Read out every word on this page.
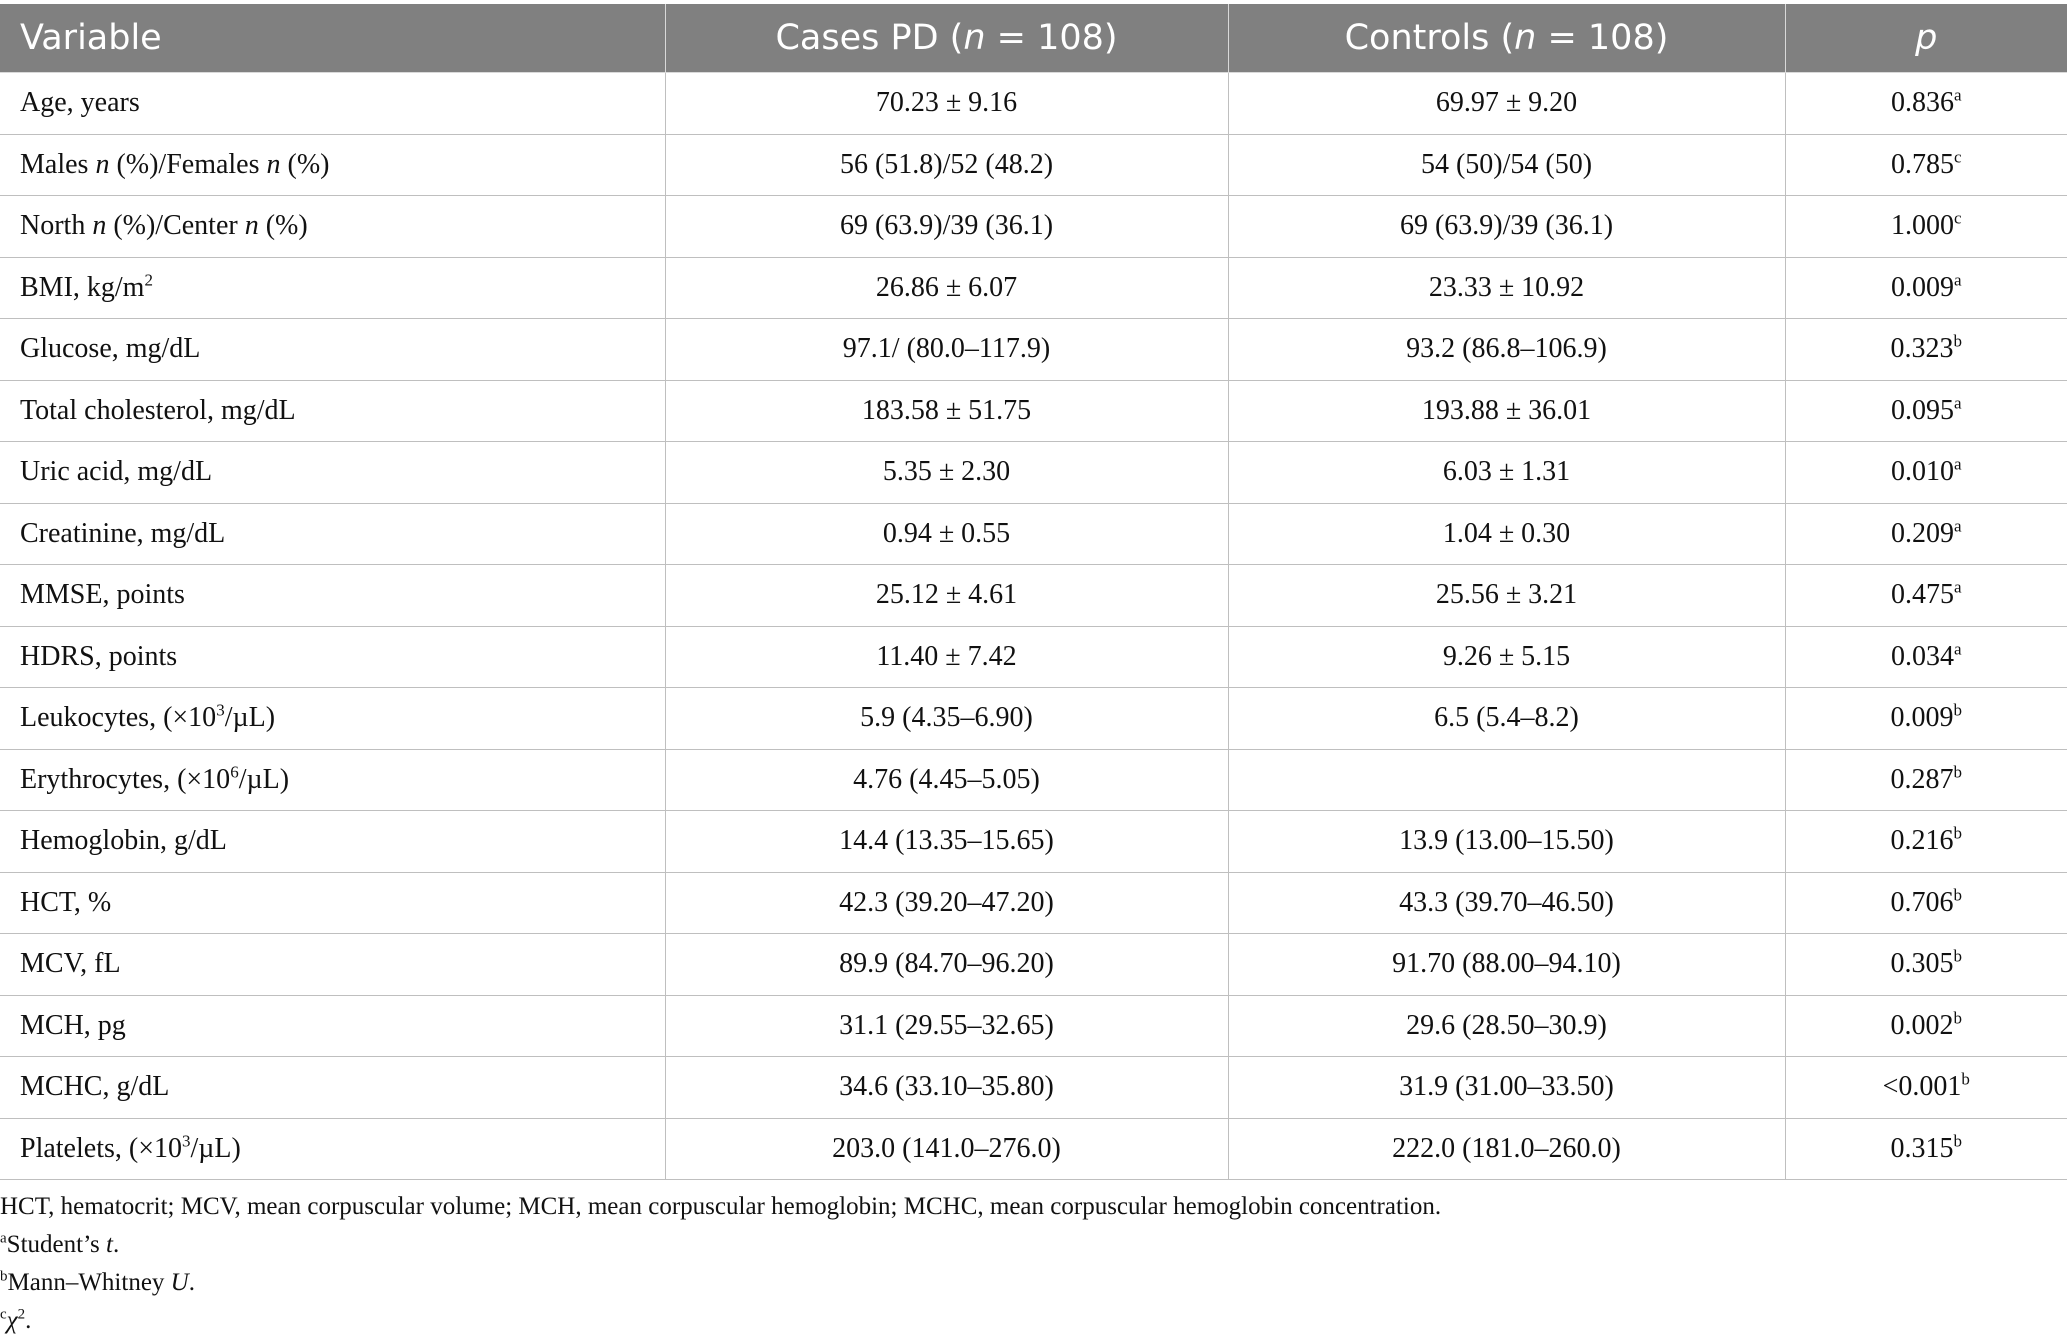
Variable	Cases PD (n = 108)	Controls (n = 108)	p
Age, years	70.23 ± 9.16	69.97 ± 9.20	0.836$^a$
Males n (%)/Females n (%)	56 (51.8)/52 (48.2)	54 (50)/54 (50)	0.785$^c$
North n (%)/Center n (%)	69 (63.9)/39 (36.1)	69 (63.9)/39 (36.1)	1.000$^c$
BMI, $kg/m^2$	26.86 ± 6.07	23.33 ± 10.92	0.009$^a$
Glucose, mg/dL	97.1/ (80.0–117.9)	93.2 (86.8–106.9)	0.323$^b$
Total cholesterol, mg/dL	183.58 ± 51.75	193.88 ± 36.01	0.095$^a$
Uric acid, mg/dL	5.35 ± 2.30	6.03 ± 1.31	0.010$^a$
Creatinine, mg/dL	0.94 ± 0.55	1.04 ± 0.30	0.209$^a$
MMSE, points	25.12 ± 4.61	25.56 ± 3.21	0.475$^a$
HDRS, points	11.40 ± 7.42	9.26 ± 5.15	0.034$^a$
Leukocytes, $(\times 10^3/\mu L)$	5.9 (4.35–6.90)	6.5 (5.4–8.2)	0.009$^b$
Erythrocytes, $(\times 10^6/\mu L)$	4.76 (4.45–5.05)		0.287$^b$
Hemoglobin, g/dL	14.4 (13.35–15.65)	13.9 (13.00–15.50)	0.216$^b$
HCT, %	42.3 (39.20–47.20)	43.3 (39.70–46.50)	0.706$^b$
MCV, fL	89.9 (84.70–96.20)	91.70 (88.00–94.10)	0.305$^b$
MCH, pg	31.1 (29.55–32.65)	29.6 (28.50–30.9)	0.002$^b$
MCHC, g/dL	34.6 (33.10–35.80)	31.9 (31.00–33.50)	<0.001$^b$
Platelets, $(\times 10^3/\mu L)$	203.0 (141.0–276.0)	222.0 (181.0–260.0)	0.315$^b$

HCT, hematocrit; MCV, mean corpuscular volume; MCH, mean corpuscular hemoglobin; MCHC, mean corpuscular hemoglobin concentration.

$^a$Student’s t.

$^b$Mann–Whitney U.

$^c\chi^2$.
